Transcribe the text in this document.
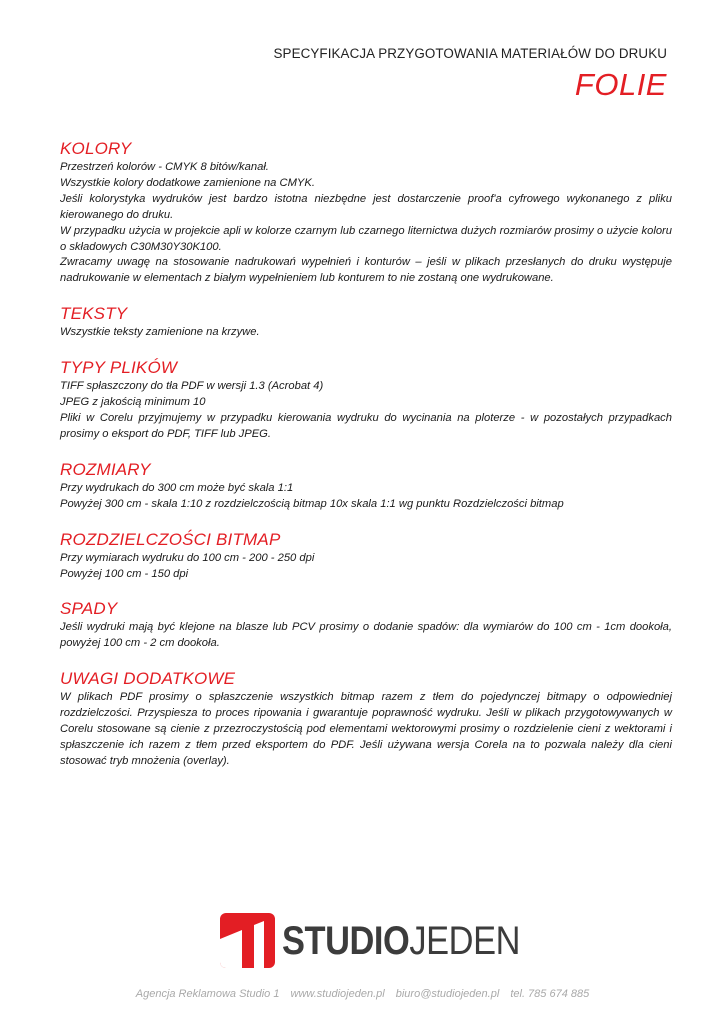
SPECYFIKACJA PRZYGOTOWANIA MATERIAŁÓW DO DRUKU
FOLIE
KOLORY
Przestrzeń kolorów - CMYK 8 bitów/kanał.
Wszystkie kolory dodatkowe zamienione na CMYK.
Jeśli kolorystyka wydruków jest bardzo istotna niezbędne jest dostarczenie proof'a cyfrowego wykonanego z pliku kierowanego do druku.
W przypadku użycia w projekcie apli w kolorze czarnym lub czarnego liternictwa dużych rozmiarów prosimy o użycie koloru o składowych C30M30Y30K100.
Zwracamy uwagę na stosowanie nadrukowań wypełnień i konturów – jeśli w plikach przesłanych do druku występuje nadrukowanie w elementach z białym wypełnieniem lub konturem to nie zostaną one wydrukowane.
TEKSTY
Wszystkie teksty zamienione na krzywe.
TYPY PLIKÓW
TIFF spłaszczony do tła PDF w wersji 1.3 (Acrobat 4)
JPEG z jakością minimum 10
Pliki w Corelu przyjmujemy w przypadku kierowania wydruku do wycinania na ploterze - w pozostałych przypadkach prosimy o eksport do PDF, TIFF lub JPEG.
ROZMIARY
Przy wydrukach do 300 cm może być skala 1:1
Powyżej 300 cm - skala 1:10 z rozdzielczością bitmap 10x skala 1:1 wg punktu Rozdzielczości bitmap
ROZDZIELCZOŚCI BITMAP
Przy wymiarach wydruku do 100 cm - 200 - 250 dpi
Powyżej 100 cm - 150 dpi
SPADY
Jeśli wydruki mają być klejone na blasze lub PCV prosimy o dodanie spadów: dla wymiarów do 100 cm - 1cm dookoła, powyżej 100 cm - 2 cm dookoła.
UWAGI DODATKOWE
W plikach PDF prosimy o spłaszczenie wszystkich bitmap razem z tłem do pojedynczej bitmapy o odpowiedniej rozdzielczości. Przyspiesza to proces ripowania i gwarantuje poprawność wydruku. Jeśli w plikach przygotowywanych w Corelu stosowane są cienie z przezroczystością pod elementami wektorowymi prosimy o rozdzielenie cieni z wektorami i spłaszczenie ich razem z tłem przed eksportem do PDF. Jeśli używana wersja Corela na to pozwala należy dla cieni stosować tryb mnożenia (overlay).
STUDIOJEDEN
Agencja Reklamowa Studio 1 www.studiojeden.pl biuro@studiojeden.pl tel. 785 674 885
